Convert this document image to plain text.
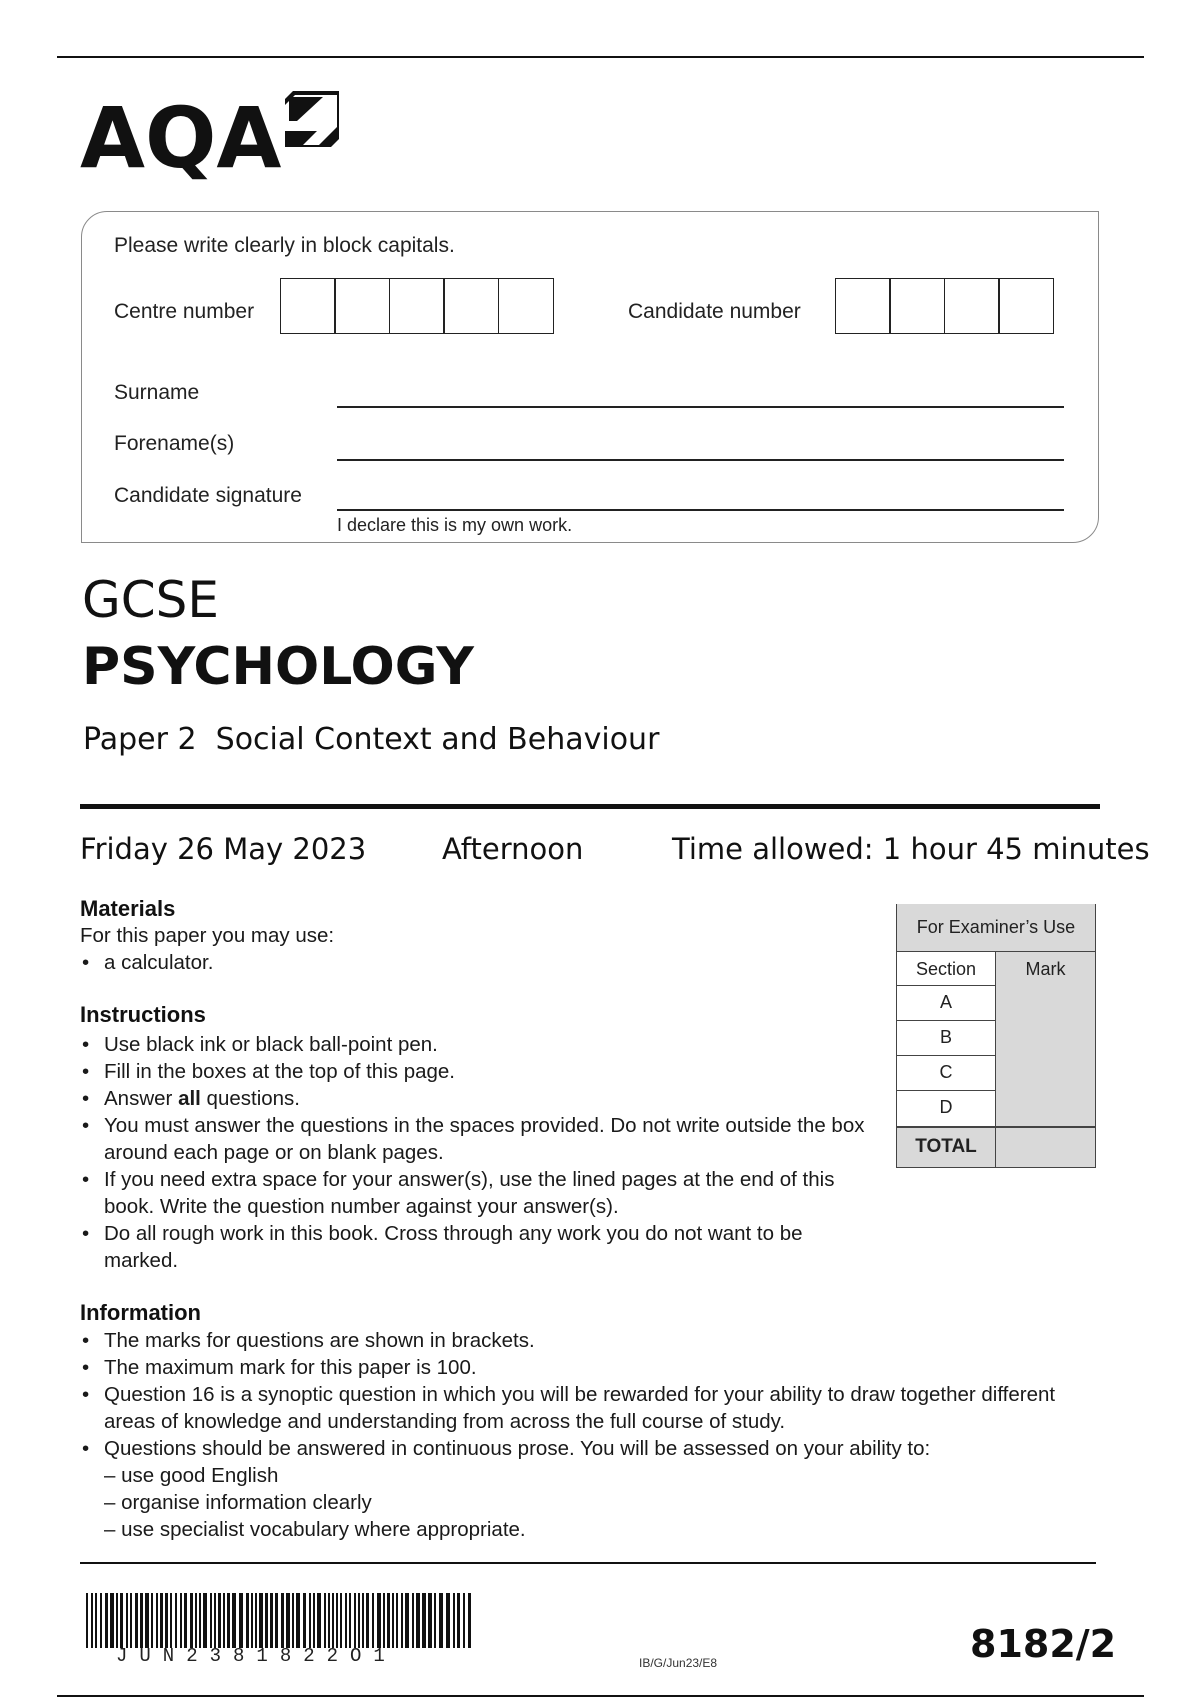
AQA
Please write clearly in block capitals.
Centre number	Candidate number
Surname
Forename(s)
Candidate signature
I declare this is my own work.
GCSE
PSYCHOLOGY
Paper 2  Social Context and Behaviour
Friday 26 May 2023	Afternoon	Time allowed: 1 hour 45 minutes
Materials
For this paper you may use:
• a calculator.
Instructions
• Use black ink or black ball-point pen.
• Fill in the boxes at the top of this page.
• Answer all questions.
• You must answer the questions in the spaces provided. Do not write outside the box around each page or on blank pages.
• If you need extra space for your answer(s), use the lined pages at the end of this book. Write the question number against your answer(s).
• Do all rough work in this book. Cross through any work you do not want to be marked.
Information
• The marks for questions are shown in brackets.
• The maximum mark for this paper is 100.
• Question 16 is a synoptic question in which you will be rewarded for your ability to draw together different areas of knowledge and understanding from across the full course of study.
• Questions should be answered in continuous prose. You will be assessed on your ability to:
– use good English
– organise information clearly
– use specialist vocabulary where appropriate.
For Examiner’s Use
Section	Mark
A
B
C
D
TOTAL
JUN2381822O1	IB/G/Jun23/E8	8182/2
